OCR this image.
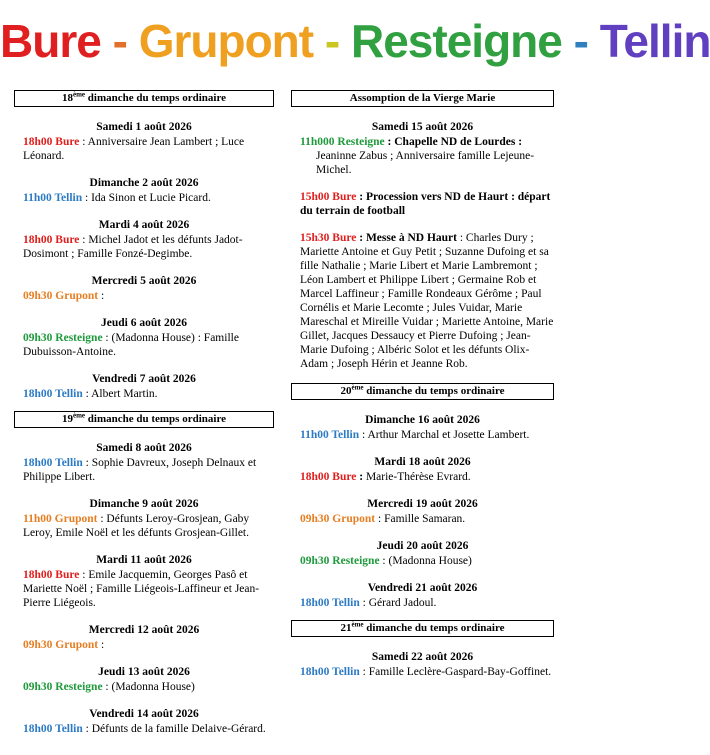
Bure - Grupont - Resteigne - Tellin
18ème dimanche du temps ordinaire
Samedi 1 août 2026
18h00 Bure : Anniversaire Jean Lambert ; Luce Léonard.
Dimanche 2 août 2026
11h00 Tellin : Ida Sinon et Lucie Picard.
Mardi 4 août 2026
18h00 Bure : Michel Jadot et les défunts Jadot-Dosimont ; Famille Fonzé-Degimbe.
Mercredi 5 août 2026
09h30 Grupont :
Jeudi 6 août 2026
09h30 Resteigne : (Madonna House) : Famille Dubuisson-Antoine.
Vendredi 7 août 2026
18h00 Tellin : Albert Martin.
19ème dimanche du temps ordinaire
Samedi 8 août 2026
18h00 Tellin : Sophie Davreux, Joseph Delnaux et Philippe Libert.
Dimanche 9 août 2026
11h00 Grupont : Défunts Leroy-Grosjean, Gaby Leroy, Emile Noël et les défunts Grosjean-Gillet.
Mardi 11 août 2026
18h00 Bure : Emile Jacquemin, Georges Pasô et Mariette Noël ; Famille Liégeois-Laffineur et Jean-Pierre Liégeois.
Mercredi 12 août 2026
09h30 Grupont :
Jeudi 13 août 2026
09h30 Resteigne : (Madonna House)
Vendredi 14 août 2026
18h00 Tellin : Défunts de la famille Delaive-Gérard.
Assomption de la Vierge Marie
Samedi 15 août 2026
11h000 Resteigne : Chapelle ND de Lourdes :
Jeaninne Zabus ; Anniversaire famille Lejeune-Michel.
15h00 Bure : Procession vers ND de Haurt : départ du terrain de football
15h30 Bure : Messe à ND Haurt : Charles Dury ; Mariette Antoine et Guy Petit ; Suzanne Dufoing et sa fille Nathalie ; Marie Libert et Marie Lambremont ; Léon Lambert et Philippe Libert ; Germaine Rob et Marcel Laffineur ; Famille Rondeaux Gérôme ; Paul Cornélis et Marie Lecomte ; Jules Vuidar, Marie Mareschal et Mireille Vuidar ; Mariette Antoine, Marie Gillet, Jacques Dessaucy et Pierre Dufoing ; Jean-Marie Dufoing ; Albéric Solot et les défunts Olix-Adam ; Joseph Hérin et Jeanne Rob.
20ème dimanche du temps ordinaire
Dimanche 16 août 2026
11h00 Tellin : Arthur Marchal et Josette Lambert.
Mardi 18 août 2026
18h00 Bure : Marie-Thérèse Evrard.
Mercredi 19 août 2026
09h30 Grupont : Famille Samaran.
Jeudi 20 août 2026
09h30 Resteigne : (Madonna House)
Vendredi 21 août 2026
18h00 Tellin : Gérard Jadoul.
21ème dimanche du temps ordinaire
Samedi 22 août 2026
18h00 Tellin : Famille Leclère-Gaspard-Bay-Goffinet.
